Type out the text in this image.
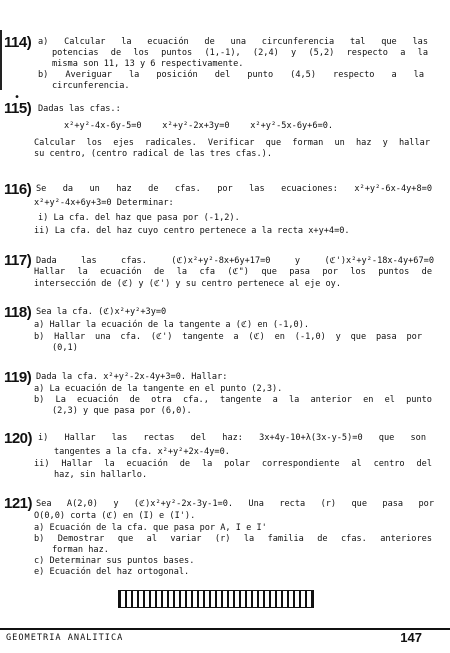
•
114) a) Calcular la ecuación de una circunferencia tal que las
potencias de los puntos (1,-1), (2,4) y (5,2) respecto a la
misma son 11, 13 y 6 respectivamente.
b) Averiguar la posición del punto (4,5) respecto a la
circunferencia.
115) Dadas las cfas.:
x²+y²-4x-6y-5=0    x²+y²-2x+3y=0    x²+y²-5x-6y+6=0.
Calcular los ejes radicales. Verificar que forman un haz y hallar
su centro, (centro radical de las tres cfas.).
116) Se da un haz de cfas. por las ecuaciones: x²+y²-6x-4y+8=0
x²+y²-4x+6y+3=0 Determinar:
i) La cfa. del haz que pasa por (-1,2).
ii) La cfa. del haz cuyo centro pertenece a la recta x+y+4=0.
117) Dada las cfas. (ℭ)x²+y²-8x+6y+17=0 y (ℭ')x²+y²-18x-4y+67=0
Hallar la ecuación de la cfa (ℭ") que pasa por los puntos de
intersección de (ℭ) y (ℭ') y su centro pertenece al eje oy.
118) Sea la cfa. (ℭ)x²+y²+3y=0
a) Hallar la ecuación de la tangente a (ℭ) en (-1,0).
b) Hallar una cfa. (ℭ') tangente a (ℭ) en (-1,0) y que pasa por
(0,1)
119) Dada la cfa. x²+y²-2x-4y+3=0. Hallar:
a) La ecuación de la tangente en el punto (2,3).
b) La ecuación de otra cfa., tangente a la anterior en el punto
(2,3) y que pasa por (6,0).
120) i) Hallar las rectas del haz: 3x+4y-10+λ(3x-y-5)=0 que son
tangentes a la cfa. x²+y²+2x-4y=0.
ii) Hallar la ecuación de la polar correspondiente al centro del
haz, sin hallarlo.
121) Sea A(2,0) y (ℭ)x²+y²-2x-3y-1=0. Una recta (r) que pasa por
O(0,0) corta (ℭ) en (I) e (I').
a) Ecuación de la cfa. que pasa por A, I e I'
b) Demostrar que al variar (r) la familia de cfas. anteriores
forman haz.
c) Determinar sus puntos bases.
e) Ecuación del haz ortogonal.
GEOMETRIA ANALITICA	147
